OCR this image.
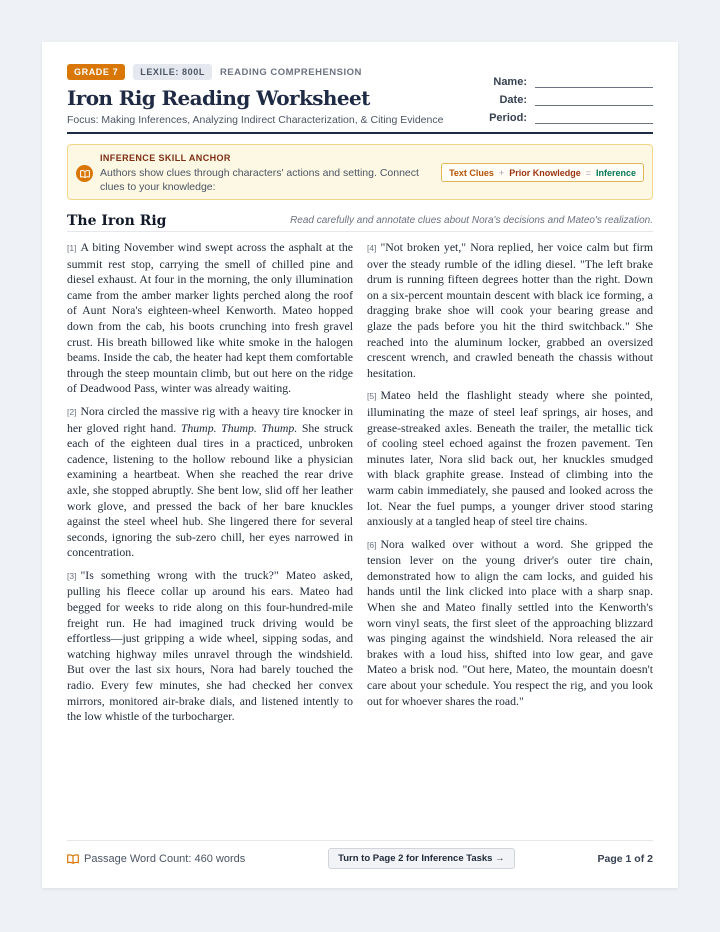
GRADE 7	LEXILE: 800L	READING COMPREHENSION
Iron Rig Reading Worksheet
Focus: Making Inferences, Analyzing Indirect Characterization, & Citing Evidence
Name:
Date:
Period:
INFERENCE SKILL ANCHOR
Authors show clues through characters' actions and setting. Connect clues to your knowledge:
Text Clues + Prior Knowledge = Inference
The Iron Rig	Read carefully and annotate clues about Nora's decisions and Mateo's realization.

[1] A biting November wind swept across the asphalt at the summit rest stop, carrying the smell of chilled pine and diesel exhaust. At four in the morning, the only illumination came from the amber marker lights perched along the roof of Aunt Nora's eighteen-wheel Kenworth. Mateo hopped down from the cab, his boots crunching into fresh gravel crust. His breath billowed like white smoke in the halogen beams. Inside the cab, the heater had kept them comfortable through the steep mountain climb, but out here on the ridge of Deadwood Pass, winter was already waiting.

[2] Nora circled the massive rig with a heavy tire knocker in her gloved right hand. Thump. Thump. Thump. She struck each of the eighteen dual tires in a practiced, unbroken cadence, listening to the hollow rebound like a physician examining a heartbeat. When she reached the rear drive axle, she stopped abruptly. She bent low, slid off her leather work glove, and pressed the back of her bare knuckles against the steel wheel hub. She lingered there for several seconds, ignoring the sub-zero chill, her eyes narrowed in concentration.

[3] "Is something wrong with the truck?" Mateo asked, pulling his fleece collar up around his ears. Mateo had begged for weeks to ride along on this four-hundred-mile freight run. He had imagined truck driving would be effortless—just gripping a wide wheel, sipping sodas, and watching highway miles unravel through the windshield. But over the last six hours, Nora had barely touched the radio. Every few minutes, she had checked her convex mirrors, monitored air-brake dials, and listened intently to the low whistle of the turbocharger.

[4] "Not broken yet," Nora replied, her voice calm but firm over the steady rumble of the idling diesel. "The left brake drum is running fifteen degrees hotter than the right. Down on a six-percent mountain descent with black ice forming, a dragging brake shoe will cook your bearing grease and glaze the pads before you hit the third switchback." She reached into the aluminum locker, grabbed an oversized crescent wrench, and crawled beneath the chassis without hesitation.

[5] Mateo held the flashlight steady where she pointed, illuminating the maze of steel leaf springs, air hoses, and grease-streaked axles. Beneath the trailer, the metallic tick of cooling steel echoed against the frozen pavement. Ten minutes later, Nora slid back out, her knuckles smudged with black graphite grease. Instead of climbing into the warm cabin immediately, she paused and looked across the lot. Near the fuel pumps, a younger driver stood staring anxiously at a tangled heap of steel tire chains.

[6] Nora walked over without a word. She gripped the tension lever on the young driver's outer tire chain, demonstrated how to align the cam locks, and guided his hands until the link clicked into place with a sharp snap. When she and Mateo finally settled into the Kenworth's worn vinyl seats, the first sleet of the approaching blizzard was pinging against the windshield. Nora released the air brakes with a loud hiss, shifted into low gear, and gave Mateo a brisk nod. "Out here, Mateo, the mountain doesn't care about your schedule. You respect the rig, and you look out for whoever shares the road."

Passage Word Count: 460 words	Turn to Page 2 for Inference Tasks →	Page 1 of 2
